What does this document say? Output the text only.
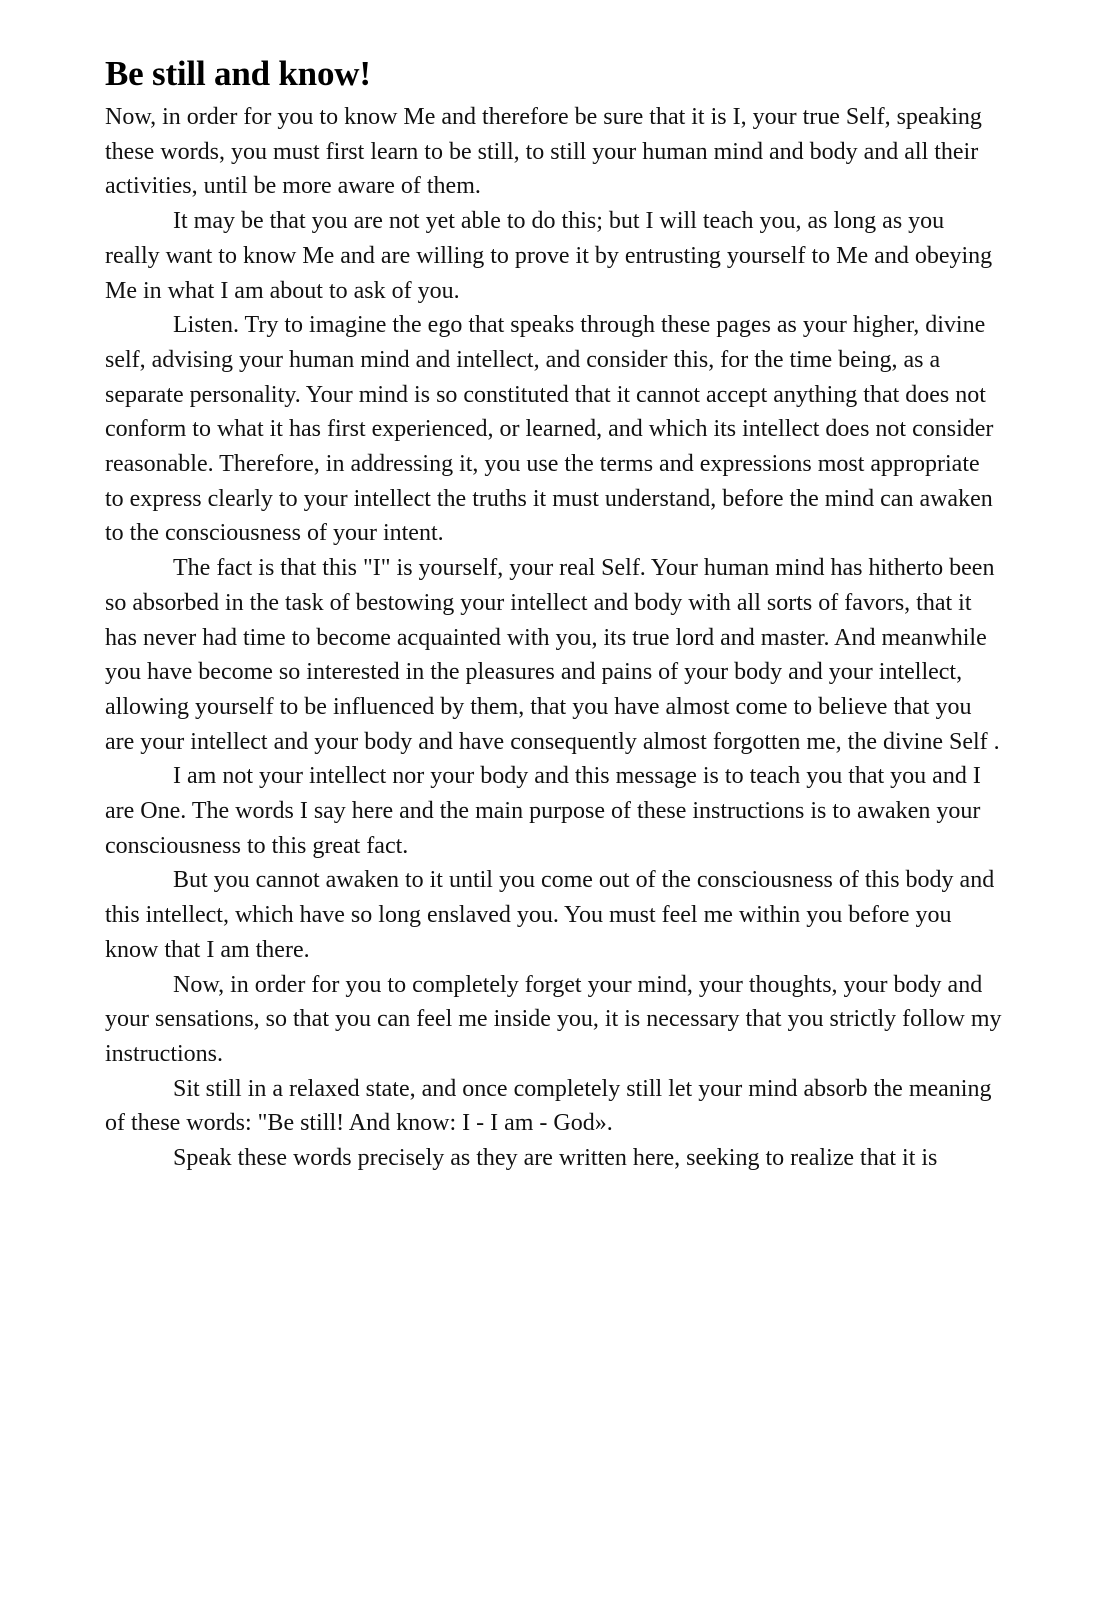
Be still and know!

Now, in order for you to know Me and therefore be sure that it is I, your true Self, speaking these words, you must first learn to be still, to still your human mind and body and all their activities, until be more aware of them.

It may be that you are not yet able to do this; but I will teach you, as long as you really want to know Me and are willing to prove it by entrusting yourself to Me and obeying Me in what I am about to ask of you.

Listen. Try to imagine the ego that speaks through these pages as your higher, divine self, advising your human mind and intellect, and consider this, for the time being, as a separate personality. Your mind is so constituted that it cannot accept anything that does not conform to what it has first experienced, or learned, and which its intellect does not consider reasonable. Therefore, in addressing it, you use the terms and expressions most appropriate to express clearly to your intellect the truths it must understand, before the mind can awaken to the consciousness of your intent.

The fact is that this "I" is yourself, your real Self. Your human mind has hitherto been so absorbed in the task of bestowing your intellect and body with all sorts of favors, that it has never had time to become acquainted with you, its true lord and master. And meanwhile you have become so interested in the pleasures and pains of your body and your intellect, allowing yourself to be influenced by them, that you have almost come to believe that you are your intellect and your body and have consequently almost forgotten me, the divine Self .

I am not your intellect nor your body and this message is to teach you that you and I are One. The words I say here and the main purpose of these instructions is to awaken your consciousness to this great fact.

But you cannot awaken to it until you come out of the consciousness of this body and this intellect, which have so long enslaved you. You must feel me within you before you know that I am there.

Now, in order for you to completely forget your mind, your thoughts, your body and your sensations, so that you can feel me inside you, it is necessary that you strictly follow my instructions.

Sit still in a relaxed state, and once completely still let your mind absorb the meaning of these words: "Be still! And know: I - I am - God».

Speak these words precisely as they are written here, seeking to realize that it is
